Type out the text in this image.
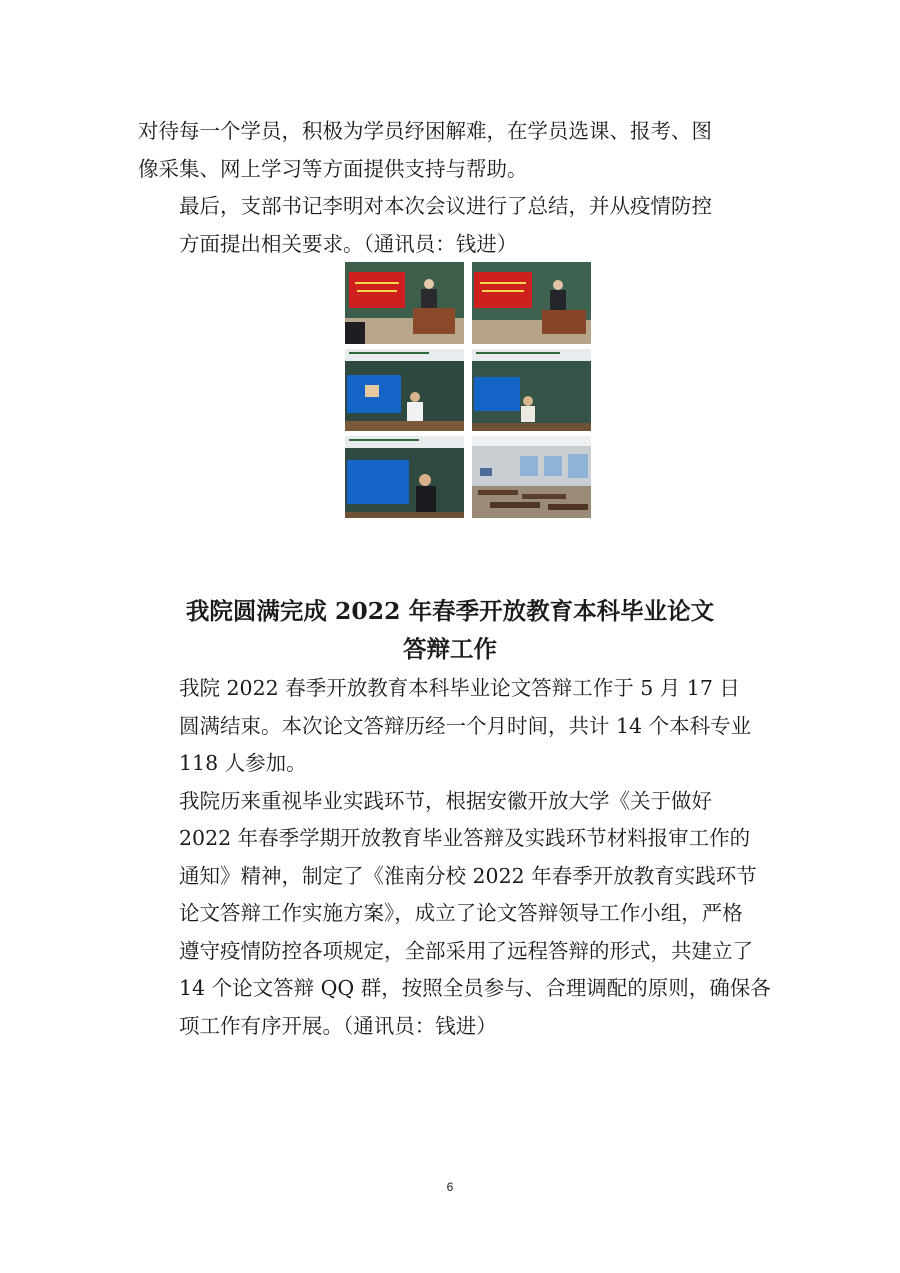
对待每一个学员，积极为学员纾困解难，在学员选课、报考、图
像采集、网上学习等方面提供支持与帮助。

最后，支部书记李明对本次会议进行了总结，并从疫情防控
方面提出相关要求。（通讯员：钱进）

我院圆满完成 2022 年春季开放教育本科毕业论文
答辩工作

我院 2022 春季开放教育本科毕业论文答辩工作于 5 月 17 日
圆满结束。本次论文答辩历经一个月时间，共计 14 个本科专业
118 人参加。

我院历来重视毕业实践环节，根据安徽开放大学《关于做好
2022 年春季学期开放教育毕业答辩及实践环节材料报审工作的
通知》精神，制定了《淮南分校 2022 年春季开放教育实践环节
论文答辩工作实施方案》，成立了论文答辩领导工作小组，严格
遵守疫情防控各项规定，全部采用了远程答辩的形式，共建立了
14 个论文答辩 QQ 群，按照全员参与、合理调配的原则，确保各
项工作有序开展。（通讯员：钱进）

6
